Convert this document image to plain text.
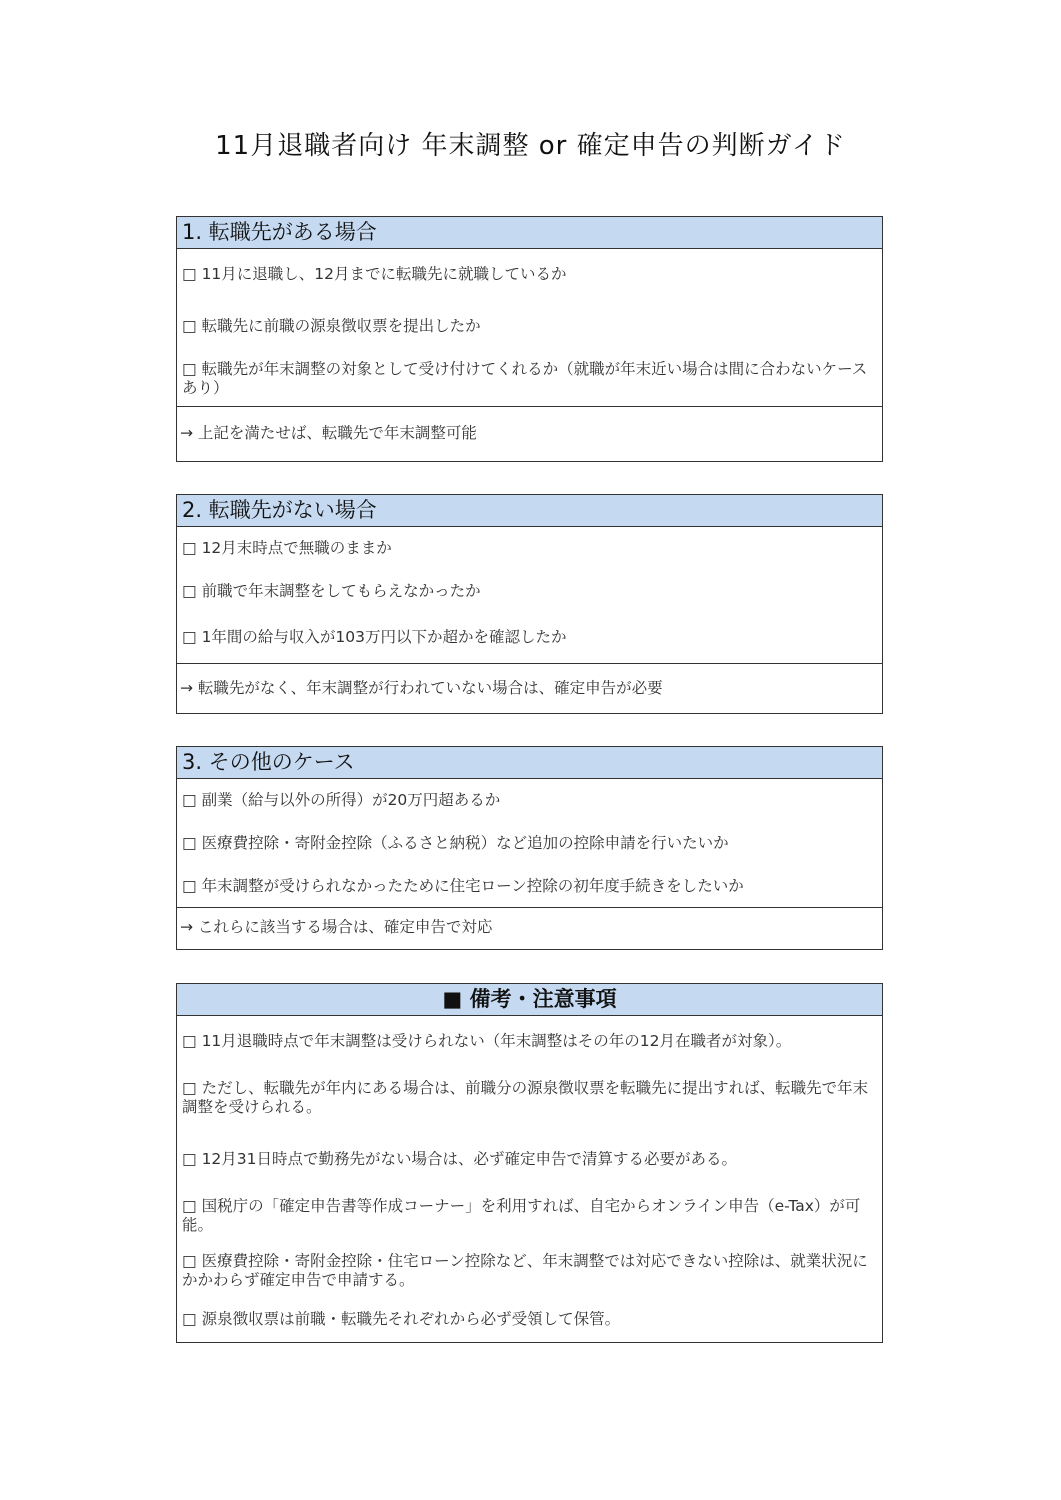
11月退職者向け 年末調整 or 確定申告の判断ガイド
1. 転職先がある場合
□ 11月に退職し、12月までに転職先に就職しているか
□ 転職先に前職の源泉徴収票を提出したか
□ 転職先が年末調整の対象として受け付けてくれるか（就職が年末近い場合は間に合わないケースあり）
→ 上記を満たせば、転職先で年末調整可能
2. 転職先がない場合
□ 12月末時点で無職のままか
□ 前職で年末調整をしてもらえなかったか
□ 1年間の給与収入が103万円以下か超かを確認したか
→ 転職先がなく、年末調整が行われていない場合は、確定申告が必要
3. その他のケース
□ 副業（給与以外の所得）が20万円超あるか
□ 医療費控除・寄附金控除（ふるさと納税）など追加の控除申請を行いたいか
□ 年末調整が受けられなかったために住宅ローン控除の初年度手続きをしたいか
→ これらに該当する場合は、確定申告で対応
■ 備考・注意事項
□ 11月退職時点で年末調整は受けられない（年末調整はその年の12月在職者が対象）。
□ ただし、転職先が年内にある場合は、前職分の源泉徴収票を転職先に提出すれば、転職先で年末調整を受けられる。
□ 12月31日時点で勤務先がない場合は、必ず確定申告で清算する必要がある。
□ 国税庁の「確定申告書等作成コーナー」を利用すれば、自宅からオンライン申告（e-Tax）が可能。
□ 医療費控除・寄附金控除・住宅ローン控除など、年末調整では対応できない控除は、就業状況にかかわらず確定申告で申請する。
□ 源泉徴収票は前職・転職先それぞれから必ず受領して保管。
